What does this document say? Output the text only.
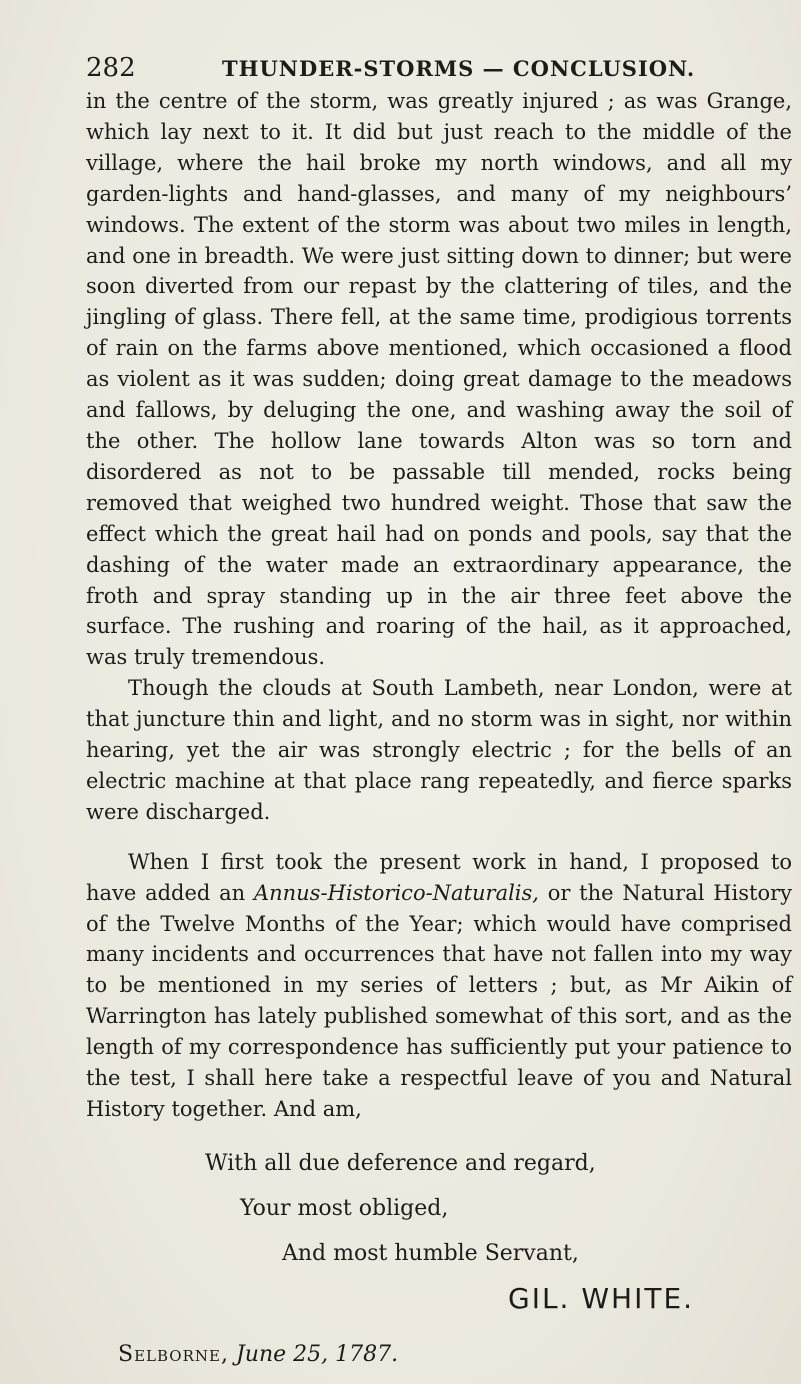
282	THUNDER-STORMS — CONCLUSION.

in the centre of the storm, was greatly injured ; as was Grange, which lay next to it. It did but just reach to the middle of the village, where the hail broke my north windows, and all my garden-lights and hand-glasses, and many of my neighbours’ windows. The extent of the storm was about two miles in length, and one in breadth. We were just sitting down to dinner; but were soon diverted from our repast by the clattering of tiles, and the jingling of glass. There fell, at the same time, prodigious torrents of rain on the farms above mentioned, which occasioned a flood as violent as it was sudden; doing great damage to the meadows and fallows, by deluging the one, and washing away the soil of the other. The hollow lane towards Alton was so torn and disordered as not to be passable till mended, rocks being removed that weighed two hundred weight. Those that saw the effect which the great hail had on ponds and pools, say that the dashing of the water made an extraordinary appearance, the froth and spray standing up in the air three feet above the surface. The rushing and roaring of the hail, as it approached, was truly tremendous.

Though the clouds at South Lambeth, near London, were at that juncture thin and light, and no storm was in sight, nor within hearing, yet the air was strongly electric ; for the bells of an electric machine at that place rang repeatedly, and fierce sparks were discharged.

When I first took the present work in hand, I proposed to have added an Annus-Historico-Naturalis, or the Natural History of the Twelve Months of the Year; which would have comprised many incidents and occurrences that have not fallen into my way to be mentioned in my series of letters ; but, as Mr Aikin of Warrington has lately published somewhat of this sort, and as the length of my correspondence has sufficiently put your patience to the test, I shall here take a respectful leave of you and Natural History together. And am,

With all due deference and regard,
Your most obliged,
And most humble Servant,
GIL. WHITE.
Selborne, June 25, 1787.
